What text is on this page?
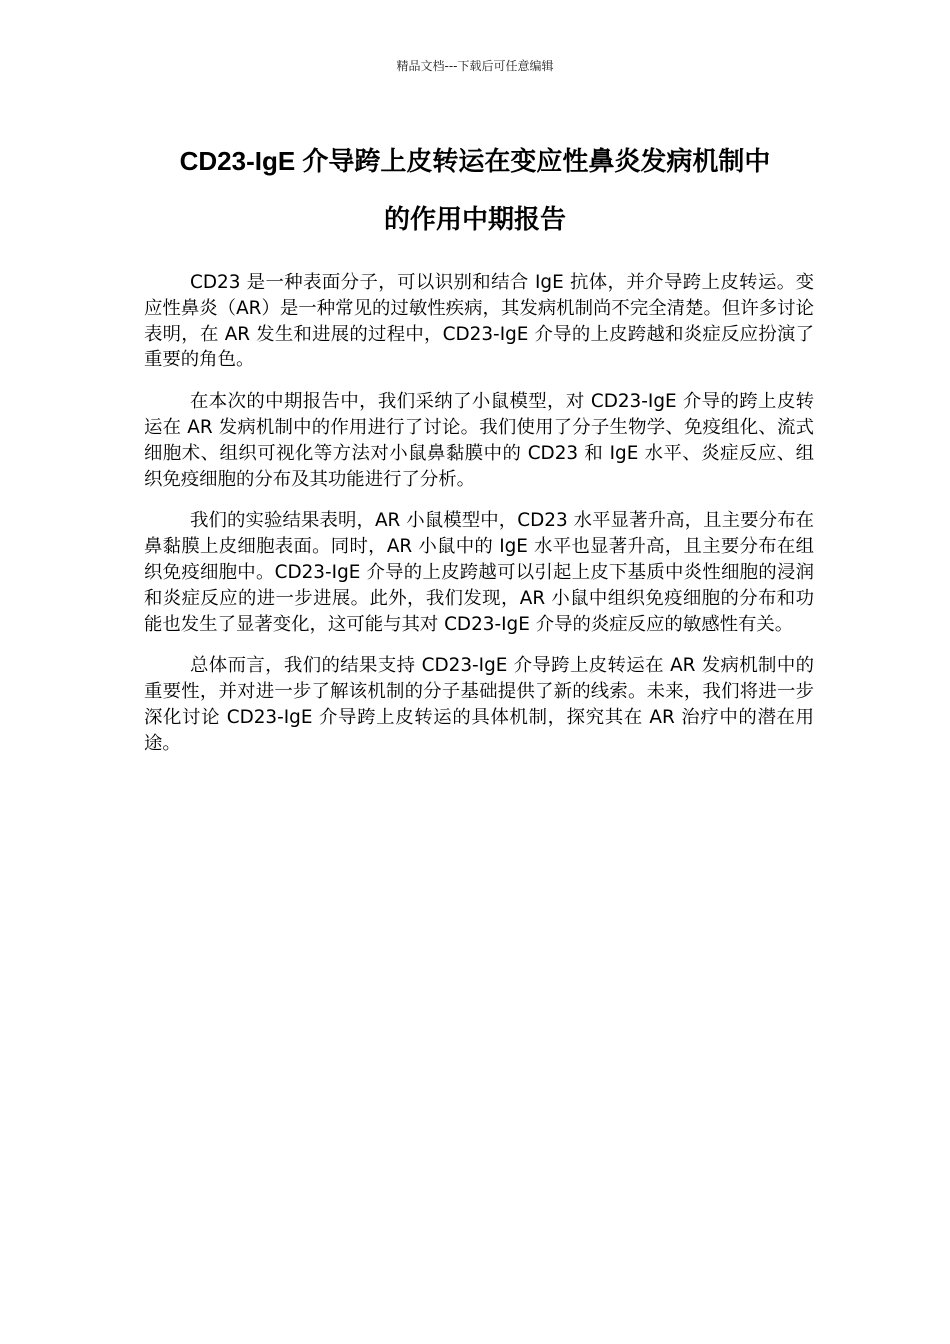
精品文档---下载后可任意编辑
CD23-IgE 介导跨上皮转运在变应性鼻炎发病机制中
的作用中期报告

CD23 是一种表面分子，可以识别和结合 IgE 抗体，并介导跨上皮转运。变应性鼻炎（AR）是一种常见的过敏性疾病，其发病机制尚不完全清楚。但许多讨论表明，在 AR 发生和进展的过程中，CD23-IgE 介导的上皮跨越和炎症反应扮演了重要的角色。

在本次的中期报告中，我们采纳了小鼠模型，对 CD23-IgE 介导的跨上皮转运在 AR 发病机制中的作用进行了讨论。我们使用了分子生物学、免疫组化、流式细胞术、组织可视化等方法对小鼠鼻黏膜中的 CD23 和 IgE 水平、炎症反应、组织免疫细胞的分布及其功能进行了分析。

我们的实验结果表明，AR 小鼠模型中，CD23 水平显著升高，且主要分布在鼻黏膜上皮细胞表面。同时，AR 小鼠中的 IgE 水平也显著升高，且主要分布在组织免疫细胞中。CD23-IgE 介导的上皮跨越可以引起上皮下基质中炎性细胞的浸润和炎症反应的进一步进展。此外，我们发现，AR 小鼠中组织免疫细胞的分布和功能也发生了显著变化，这可能与其对 CD23-IgE 介导的炎症反应的敏感性有关。

总体而言，我们的结果支持 CD23-IgE 介导跨上皮转运在 AR 发病机制中的重要性，并对进一步了解该机制的分子基础提供了新的线索。未来，我们将进一步深化讨论 CD23-IgE 介导跨上皮转运的具体机制，探究其在 AR 治疗中的潜在用途。
